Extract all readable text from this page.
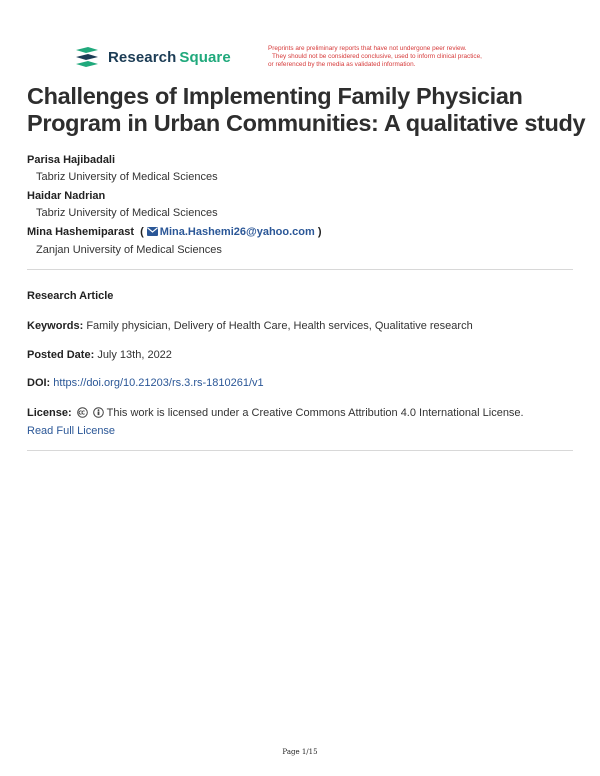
Research Square	Preprints are preliminary reports that have not undergone peer review.
They should not be considered conclusive, used to inform clinical practice,
or referenced by the media as validated information.
Challenges of Implementing Family Physician Program in Urban Communities: A qualitative study
Parisa Hajibadali
Tabriz University of Medical Sciences
Haidar Nadrian
Tabriz University of Medical Sciences
Mina Hashemiparast  ( Mina.Hashemi26@yahoo.com )
Zanjan University of Medical Sciences
Research Article
Keywords: Family physician, Delivery of Health Care, Health services, Qualitative research
Posted Date: July 13th, 2022
DOI: https://doi.org/10.21203/rs.3.rs-1810261/v1
License:	This work is licensed under a Creative Commons Attribution 4.0 International License.
Read Full License
Page 1/15
